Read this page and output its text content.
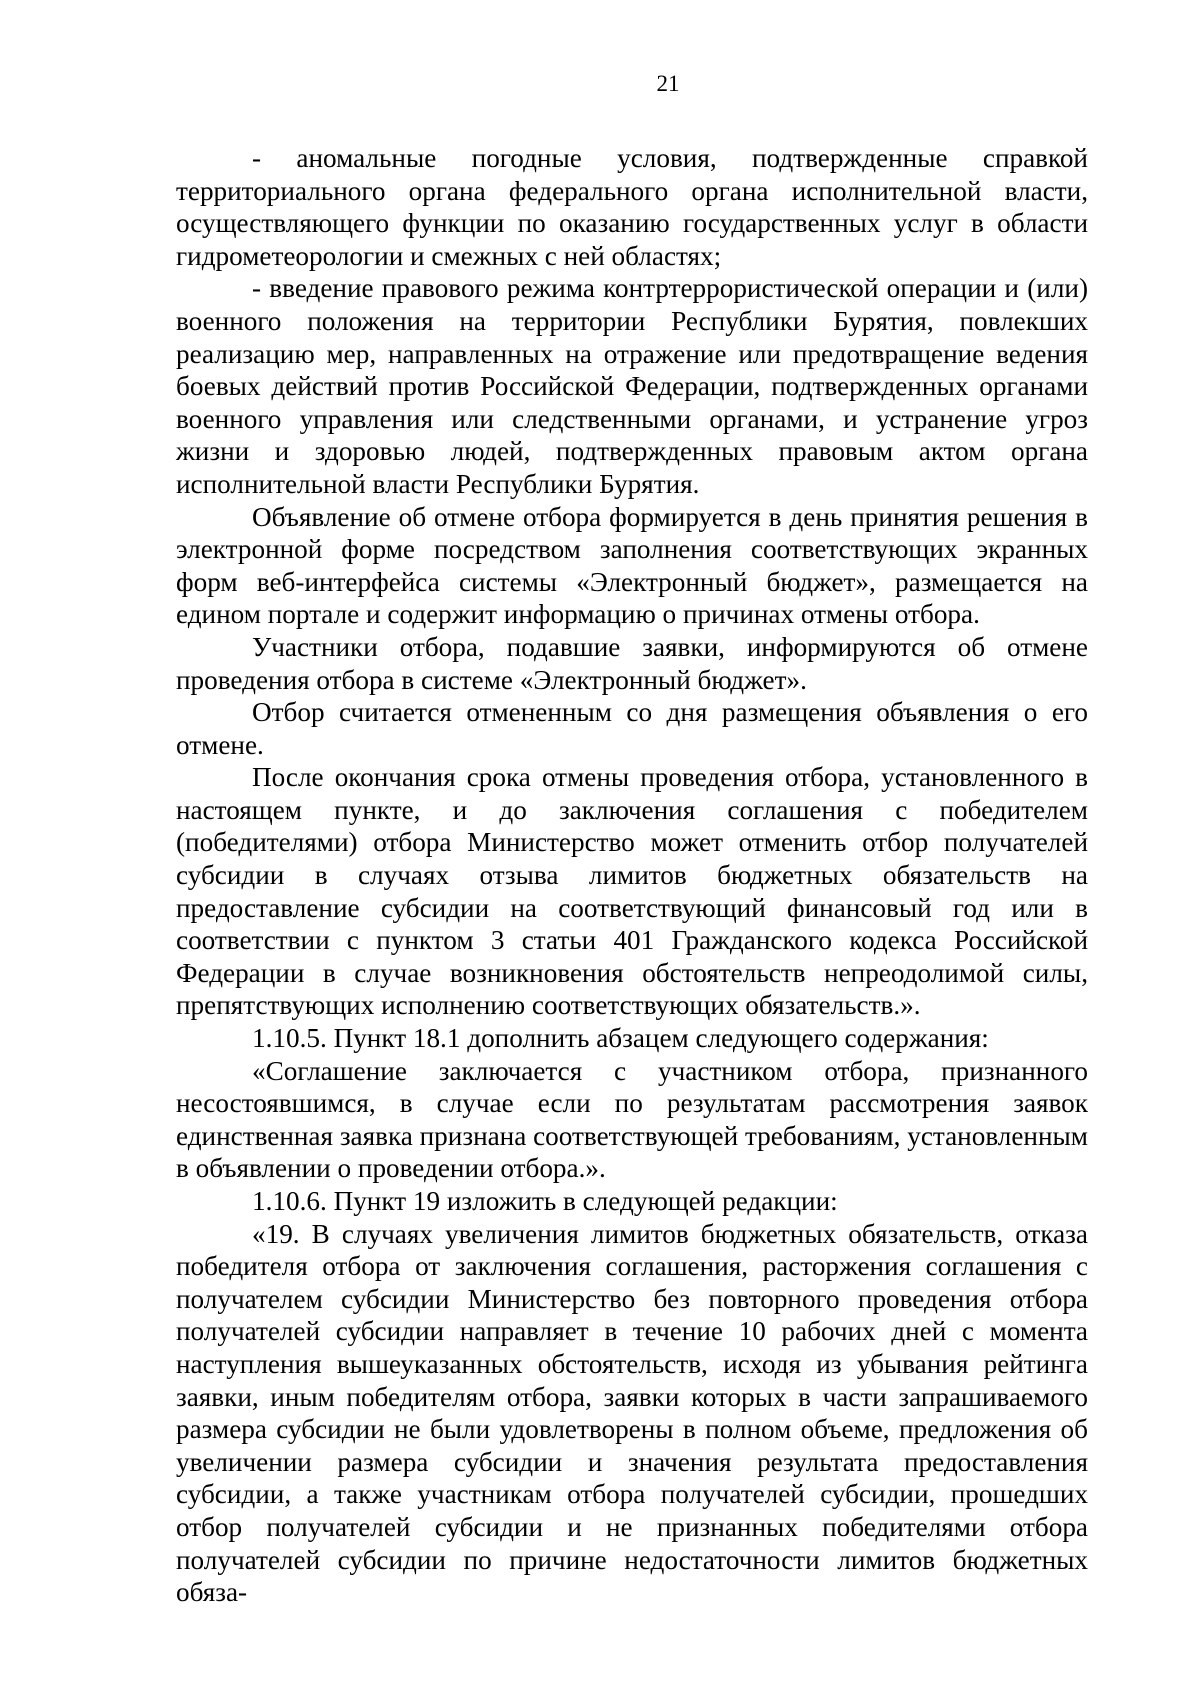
21

- аномальные погодные условия, подтвержденные справкой территориального органа федерального органа исполнительной власти, осуществляющего функции по оказанию государственных услуг в области гидрометеорологии и смежных с ней областях;

- введение правового режима контртеррористической операции и (или) военного положения на территории Республики Бурятия, повлекших реализацию мер, направленных на отражение или предотвращение ведения боевых действий против Российской Федерации, подтвержденных органами военного управления или следственными органами, и устранение угроз жизни и здоровью людей, подтвержденных правовым актом органа исполнительной власти Республики Бурятия.

Объявление об отмене отбора формируется в день принятия решения в электронной форме посредством заполнения соответствующих экранных форм веб-интерфейса системы «Электронный бюджет», размещается на едином портале и содержит информацию о причинах отмены отбора.

Участники отбора, подавшие заявки, информируются об отмене проведения отбора в системе «Электронный бюджет».

Отбор считается отмененным со дня размещения объявления о его отмене.

После окончания срока отмены проведения отбора, установленного в настоящем пункте, и до заключения соглашения с победителем (победителями) отбора Министерство может отменить отбор получателей субсидии в случаях отзыва лимитов бюджетных обязательств на предоставление субсидии на соответствующий финансовый год или в соответствии с пунктом 3 статьи 401 Гражданского кодекса Российской Федерации в случае возникновения обстоятельств непреодолимой силы, препятствующих исполнению соответствующих обязательств.».

1.10.5. Пункт 18.1 дополнить абзацем следующего содержания:

«Соглашение заключается с участником отбора, признанного несостоявшимся, в случае если по результатам рассмотрения заявок единственная заявка признана соответствующей требованиям, установленным в объявлении о проведении отбора.».

1.10.6. Пункт 19 изложить в следующей редакции:

«19. В случаях увеличения лимитов бюджетных обязательств, отказа победителя отбора от заключения соглашения, расторжения соглашения с получателем субсидии Министерство без повторного проведения отбора получателей субсидии направляет в течение 10 рабочих дней с момента наступления вышеуказанных обстоятельств, исходя из убывания рейтинга заявки, иным победителям отбора, заявки которых в части запрашиваемого размера субсидии не были удовлетворены в полном объеме, предложения об увеличении размера субсидии и значения результата предоставления субсидии, а также участникам отбора получателей субсидии, прошедших отбор получателей субсидии и не признанных победителями отбора получателей субсидии по причине недостаточности лимитов бюджетных обяза-
